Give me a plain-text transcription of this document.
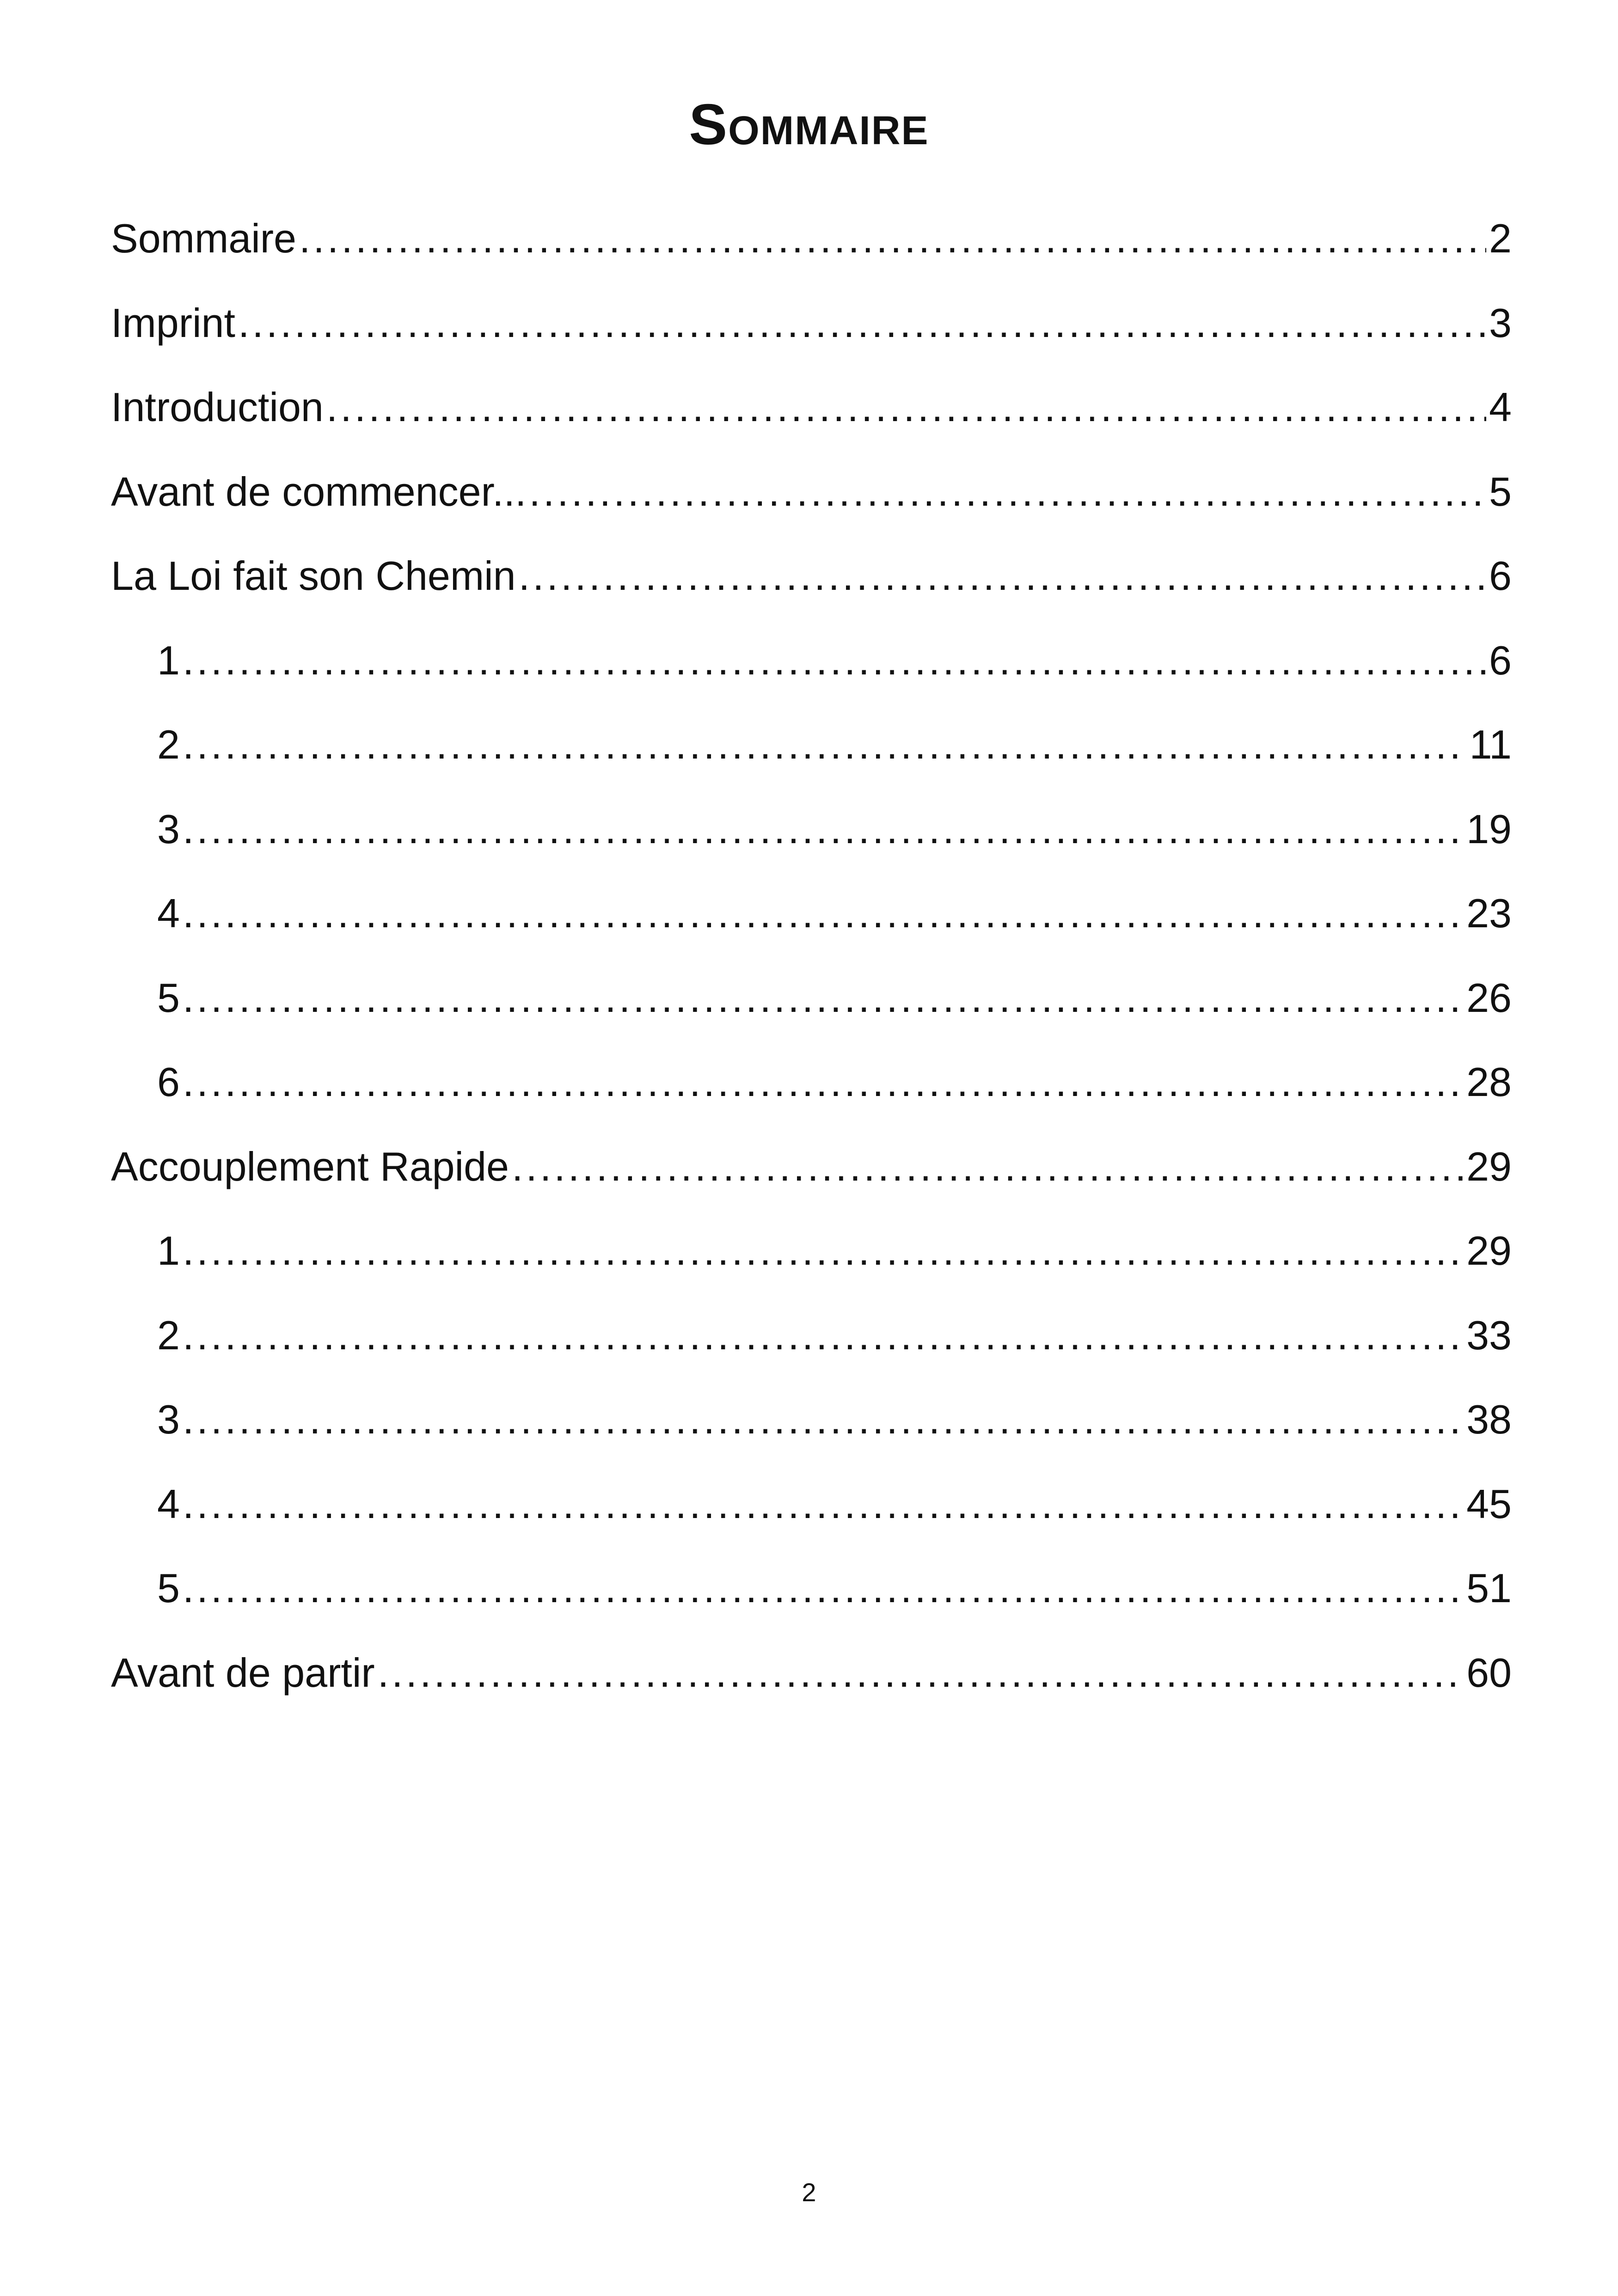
Sommaire
Sommaire .....	2
Imprint .....	3
Introduction .....	4
Avant de commencer... .....	5
La Loi fait son Chemin .....	6
1 .....	6
2 .....	11
3 .....	19
4 .....	23
5 .....	26
6 .....	28
Accouplement Rapide .....	29
1 .....	29
2 .....	33
3 .....	38
4 .....	45
5 .....	51
Avant de partir .....	60
2
